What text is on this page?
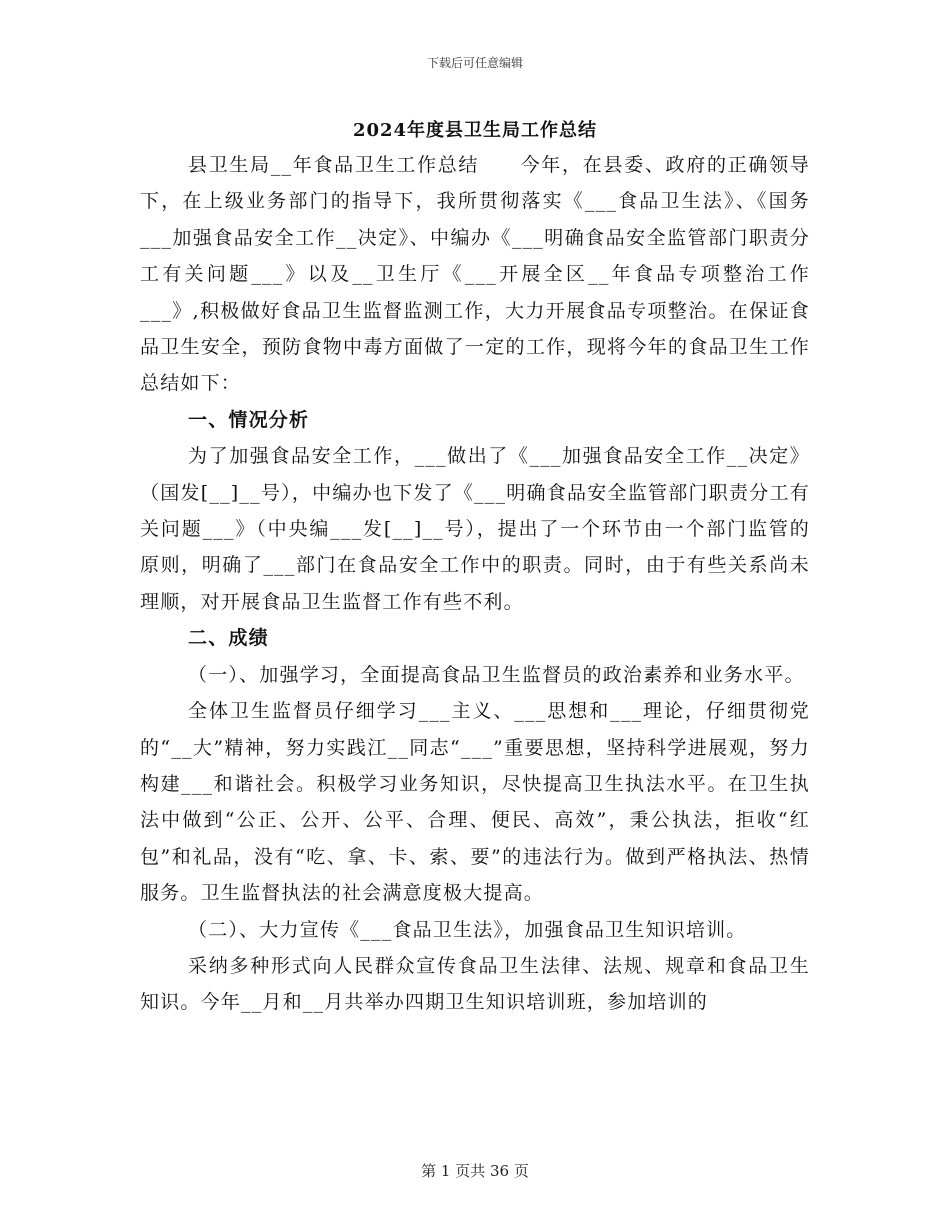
下载后可任意编辑
2024年度县卫生局工作总结

县卫生局__年食品卫生工作总结　　今年，在县委、政府的正确领导下，在上级业务部门的指导下，我所贯彻落实《___食品卫生法》、《国务___加强食品安全工作__决定》、中编办《___明确食品安全监管部门职责分工有关问题___》以及__卫生厅《___开展全区__年食品专项整治工作___》,积极做好食品卫生监督监测工作，大力开展食品专项整治。在保证食品卫生安全，预防食物中毒方面做了一定的工作，现将今年的食品卫生工作总结如下：

一、情况分析

为了加强食品安全工作，___做出了《___加强食品安全工作__决定》（国发[__]__号），中编办也下发了《___明确食品安全监管部门职责分工有关问题___》（中央编___发[__]__号），提出了一个环节由一个部门监管的原则，明确了___部门在食品安全工作中的职责。同时，由于有些关系尚未理顺，对开展食品卫生监督工作有些不利。

二、成绩

（一）、加强学习，全面提高食品卫生监督员的政治素养和业务水平。

全体卫生监督员仔细学习___主义、___思想和___理论，仔细贯彻党的“__大”精神，努力实践江__同志“___”重要思想，坚持科学进展观，努力构建___和谐社会。积极学习业务知识，尽快提高卫生执法水平。在卫生执法中做到“公正、公开、公平、合理、便民、高效”，秉公执法，拒收“红包”和礼品，没有“吃、拿、卡、索、要”的违法行为。做到严格执法、热情服务。卫生监督执法的社会满意度极大提高。

（二）、大力宣传《___食品卫生法》，加强食品卫生知识培训。

采纳多种形式向人民群众宣传食品卫生法律、法规、规章和食品卫生知识。今年__月和__月共举办四期卫生知识培训班，参加培训的

第 1 页共 36 页
